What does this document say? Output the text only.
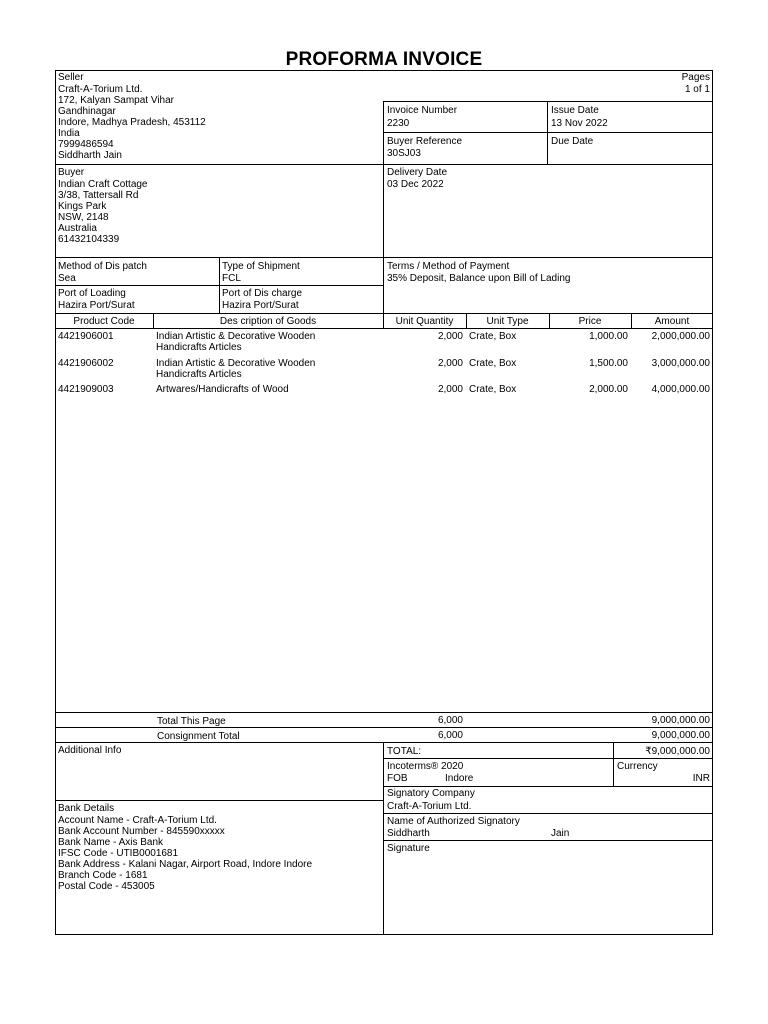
PROFORMA INVOICE
Seller
Craft-A-Torium Ltd.
172, Kalyan Sampat Vihar
Gandhinagar
Indore, Madhya Pradesh, 453112
India
7999486594
Siddharth Jain
Pages
1 of 1
Invoice Number
2230
Issue Date
13 Nov 2022
Buyer Reference
30SJ03
Due Date
Buyer
Indian Craft Cottage
3/38, Tattersall Rd
Kings Park
NSW, 2148
Australia
61432104339
Delivery Date
03 Dec 2022
Method of Dis patch
Sea
Type of Shipment
FCL
Terms / Method of Payment
35% Deposit, Balance upon Bill of Lading
Port of Loading
Hazira Port/Surat
Port of Dis charge
Hazira Port/Surat
Product Code	Des cription of Goods	Unit Quantity	Unit Type	Price	Amount
4421906001	Indian Artistic & Decorative Wooden
Handicrafts Articles
2,000 Crate, Box	1,000.00 2,000,000.00
4421906002	Indian Artistic & Decorative Wooden
Handicrafts Articles
2,000 Crate, Box	1,500.00 3,000,000.00
4421909003	Artwares/Handicrafts of Wood	2,000 Crate, Box	2,000.00 4,000,000.00
Total This Page	6,000	9,000,000.00
Consignment Total	6,000	9,000,000.00
Additional Info
Bank Details
Account Name - Craft-A-Torium Ltd.
Bank Account Number - 845590xxxxx
Bank Name - Axis Bank
IFSC Code - UTIB0001681
Bank Address - Kalani Nagar, Airport Road, Indore Indore
Branch Code - 1681
Postal Code - 453005
TOTAL:	₹9,000,000.00
Incoterms® 2020
FOB	Indore
Currency
INR
Signatory Company
Craft-A-Torium Ltd.
Name of Authorized Signatory
Siddharth	Jain
Signature
